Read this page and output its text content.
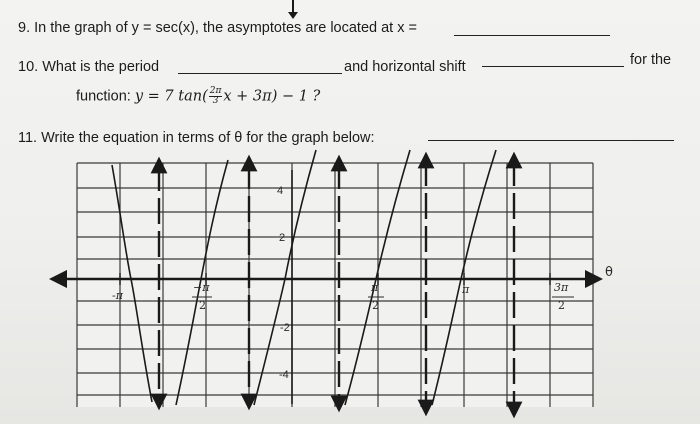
9. In the graph of y = sec(x), the asymptotes are located at x =
10. What is the period	and horizontal shift	for the
function: y = 7 $\tan( \frac{2\pi}{3}$ x + 3π) − 1 ?
11. Write the equation in terms of θ for the graph below:
4
2
-2
-4
-π
−π
2
π
2
π	3π
2
θ
